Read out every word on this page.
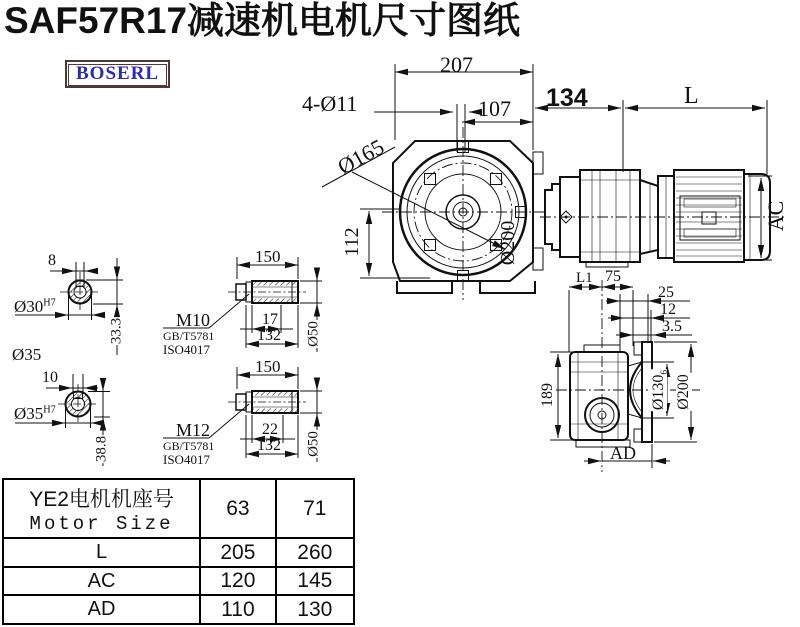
Ø200
SAF57R17减速机电机尺寸图纸
BOSERL	207
4-Ø11	107
Ø165
112
134	L
AC
8
$Ø30^{H7}$
33.3
Ø35
10
$Ø35^{H7}$
38.8
150
M10
GB/T5781
ISO4017
17
132 Ø50
150
M12
GB/T5781
ISO4017
22
132 Ø50
L1 75
25
12
3.5
189	$Ø130_6$
Ø200
AD
YE2电机机座号
Motor Size	63	71
L	205	260
AC	120	145
AD	110	130
